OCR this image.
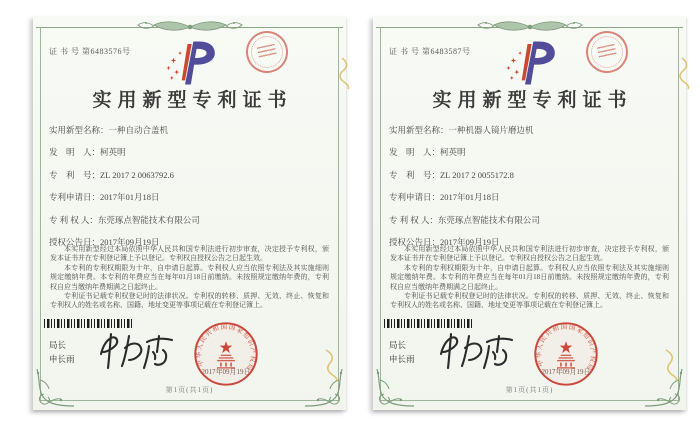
证 书 号 第6483576号
实用新型专利证书
实用新型名称：一种自动合盖机
发　明　人：柯英明
专　利　号：ZL 2017 2 0063792.6
专利申请日：2017年01月18日
专 利 权 人：东莞琢点智能技术有限公司
授权公告日：2017年09月19日

本实用新型经过本局依照中华人民共和国专利法进行初步审查，决定授予专利权，颁发本证书并在专利登记簿上予以登记。专利权自授权公告之日起生效。

本专利的专利权期限为十年，自申请日起算。专利权人应当依照专利法及其实施细则规定缴纳年费。本专利的年费应当在每年01月18日前缴纳。未按照规定缴纳年费的，专利权自应当缴纳年费期满之日起终止。

专利证书记载专利权登记时的法律状况。专利权的转移、质押、无效、终止、恢复和专利权人的姓名或名称、国籍、地址变更等事项记载在专利登记簿上。

局长
申长雨	中华人民共和国国家知识产权局
2017年09月19日
第1页(共1页)
证 书 号 第6483587号
实用新型专利证书
实用新型名称：一种机器人镜片磨边机
发　明　人：柯英明
专　利　号：ZL 2017 2 0055172.8
专利申请日：2017年01月18日
专 利 权 人：东莞琢点智能技术有限公司
授权公告日：2017年09月19日

本实用新型经过本局依照中华人民共和国专利法进行初步审查，决定授予专利权，颁发本证书并在专利登记簿上予以登记。专利权自授权公告之日起生效。

本专利的专利权期限为十年，自申请日起算。专利权人应当依照专利法及其实施细则规定缴纳年费。本专利的年费应当在每年01月18日前缴纳。未按照规定缴纳年费的，专利权自应当缴纳年费期满之日起终止。

专利证书记载专利权登记时的法律状况。专利权的转移、质押、无效、终止、恢复和专利权人的姓名或名称、国籍、地址变更等事项记载在专利登记簿上。

局长
申长雨	中华人民共和国国家知识产权局
2017年09月19日
第1页(共1页)
